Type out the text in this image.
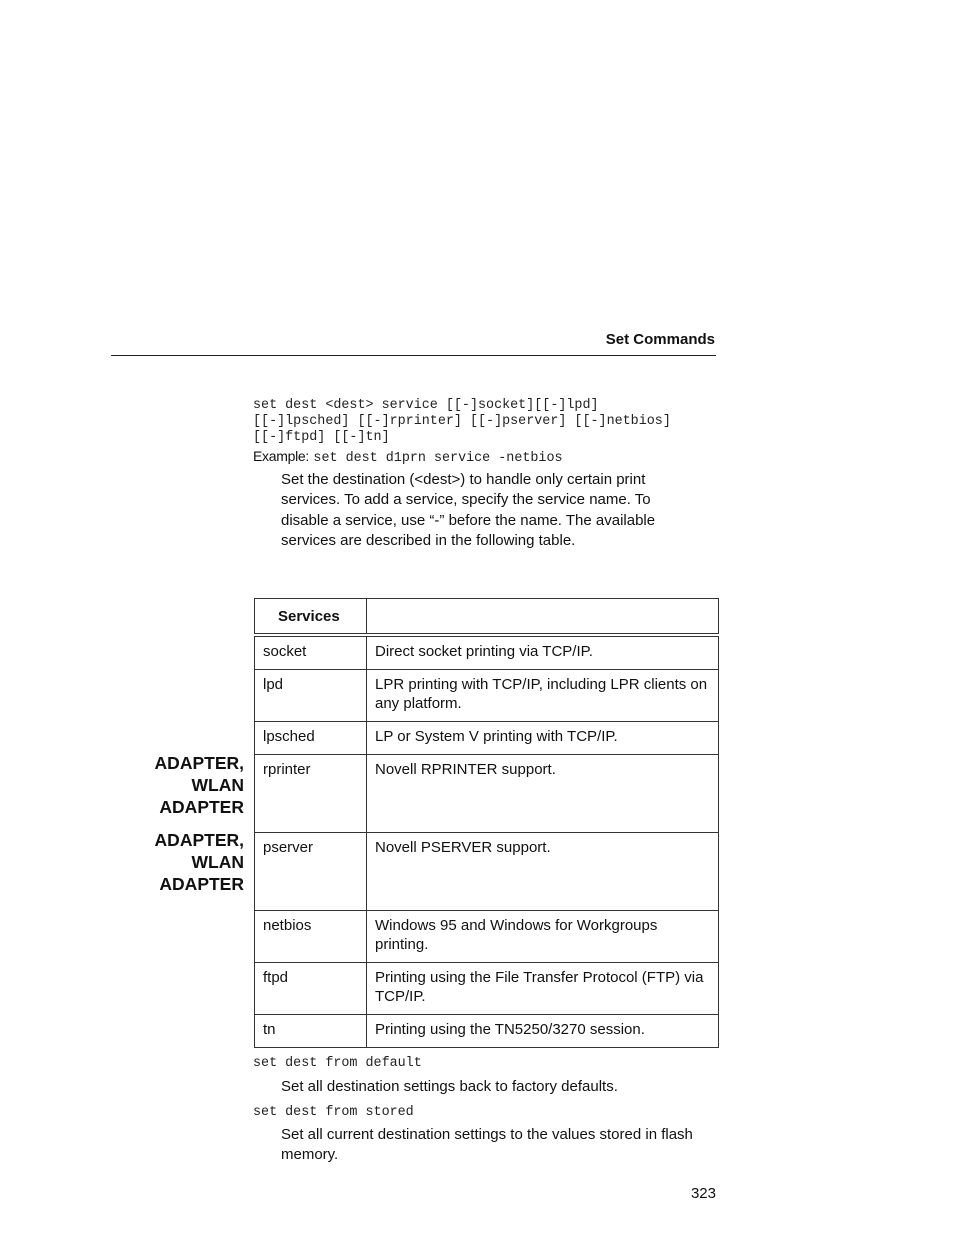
Set Commands
set dest <dest> service [[-]socket][[-]lpd]
[[-]lpsched] [[-]rprinter] [[-]pserver] [[-]netbios]
[[-]ftpd] [[-]tn]
Example: set dest d1prn service -netbios
Set the destination (<dest>) to handle only certain print services. To add a service, specify the service name. To disable a service, use “-” before the name. The available services are described in the following table.
ADAPTER,
WLAN
ADAPTER
ADAPTER,
WLAN
ADAPTER
Services	
socket	Direct socket printing via TCP/IP.
lpd	LPR printing with TCP/IP, including LPR clients on any platform.
lpsched	LP or System V printing with TCP/IP.
rprinter	Novell RPRINTER support.
pserver	Novell PSERVER support.
netbios	Windows 95 and Windows for Workgroups printing.
ftpd	Printing using the File Transfer Protocol (FTP) via TCP/IP.
tn	Printing using the TN5250/3270 session.
set dest from default
Set all destination settings back to factory defaults.
set dest from stored
Set all current destination settings to the values stored in flash memory.
323
